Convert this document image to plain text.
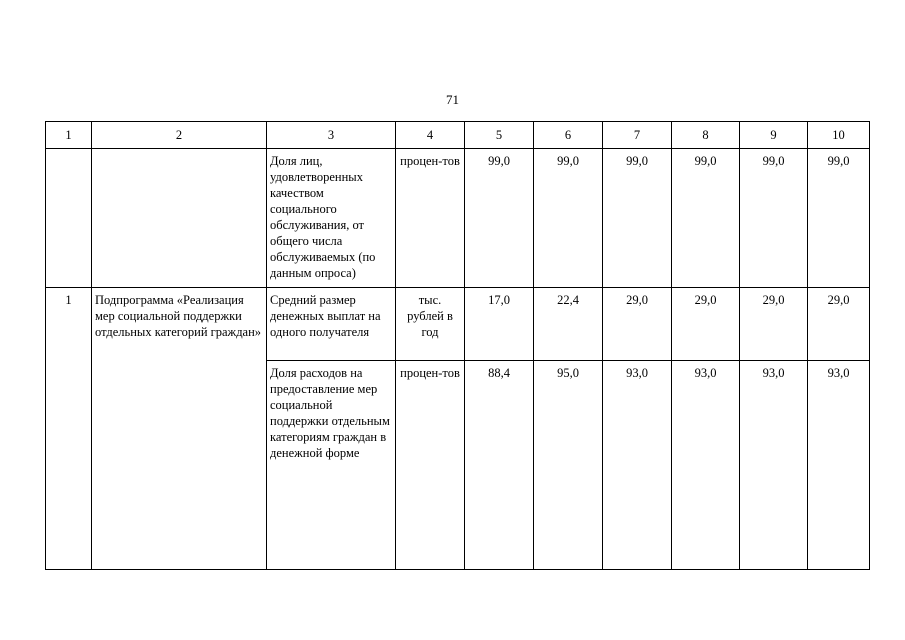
71
1	2	3	4	5	6	7	8	9	10
		Доля лиц, удовлетворенных качеством социального обслуживания, от общего числа обслуживаемых (по данным опроса)	процен-тов	99,0	99,0	99,0	99,0	99,0	99,0
1	Подпрограмма «Реализация мер социальной поддержки отдельных категорий граждан»	Средний размер денежных выплат на одного получателя	тыс. рублей в год	17,0	22,4	29,0	29,0	29,0	29,0
		Доля расходов на предоставление мер социальной поддержки отдельным категориям граждан в денежной форме	процен-тов	88,4	95,0	93,0	93,0	93,0	93,0
